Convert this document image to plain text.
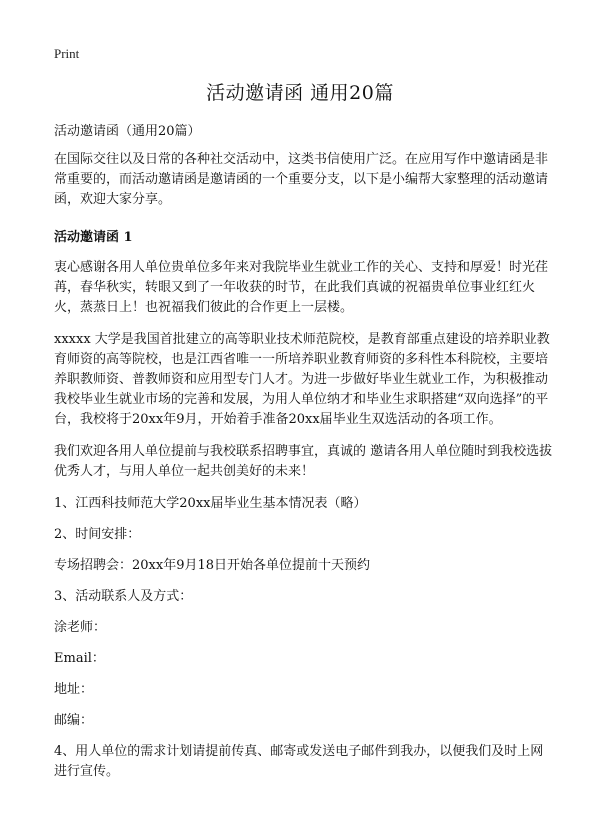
Print
活动邀请函 通用20篇

活动邀请函（通用20篇）

在国际交往以及日常的各种社交活动中，这类书信使用广泛。在应用写作中邀请函是非常重要的，而活动邀请函是邀请函的一个重要分支，以下是小编帮大家整理的活动邀请函，欢迎大家分享。

活动邀请函 1

衷心感谢各用人单位贵单位多年来对我院毕业生就业工作的关心、支持和厚爱！时光荏苒，春华秋实，转眼又到了一年收获的时节，在此我们真诚的祝福贵单位事业红红火火，蒸蒸日上！也祝福我们彼此的合作更上一层楼。

xxxxx 大学是我国首批建立的高等职业技术师范院校，是教育部重点建设的培养职业教育师资的高等院校，也是江西省唯一一所培养职业教育师资的多科性本科院校，主要培养职教师资、普教师资和应用型专门人才。为进一步做好毕业生就业工作，为积极推动我校毕业生就业市场的完善和发展，为用人单位纳才和毕业生求职搭建“双向选择”的平台，我校将于20xx年9月，开始着手准备20xx届毕业生双选活动的各项工作。

我们欢迎各用人单位提前与我校联系招聘事宜，真诚的 邀请各用人单位随时到我校选拔优秀人才，与用人单位一起共创美好的未来！

1、江西科技师范大学20xx届毕业生基本情况表（略）

2、时间安排：

专场招聘会：20xx年9月18日开始各单位提前十天预约

3、活动联系人及方式：

涂老师：

Email：

地址：

邮编：

4、用人单位的需求计划请提前传真、邮寄或发送电子邮件到我办，以便我们及时上网进行宣传。
